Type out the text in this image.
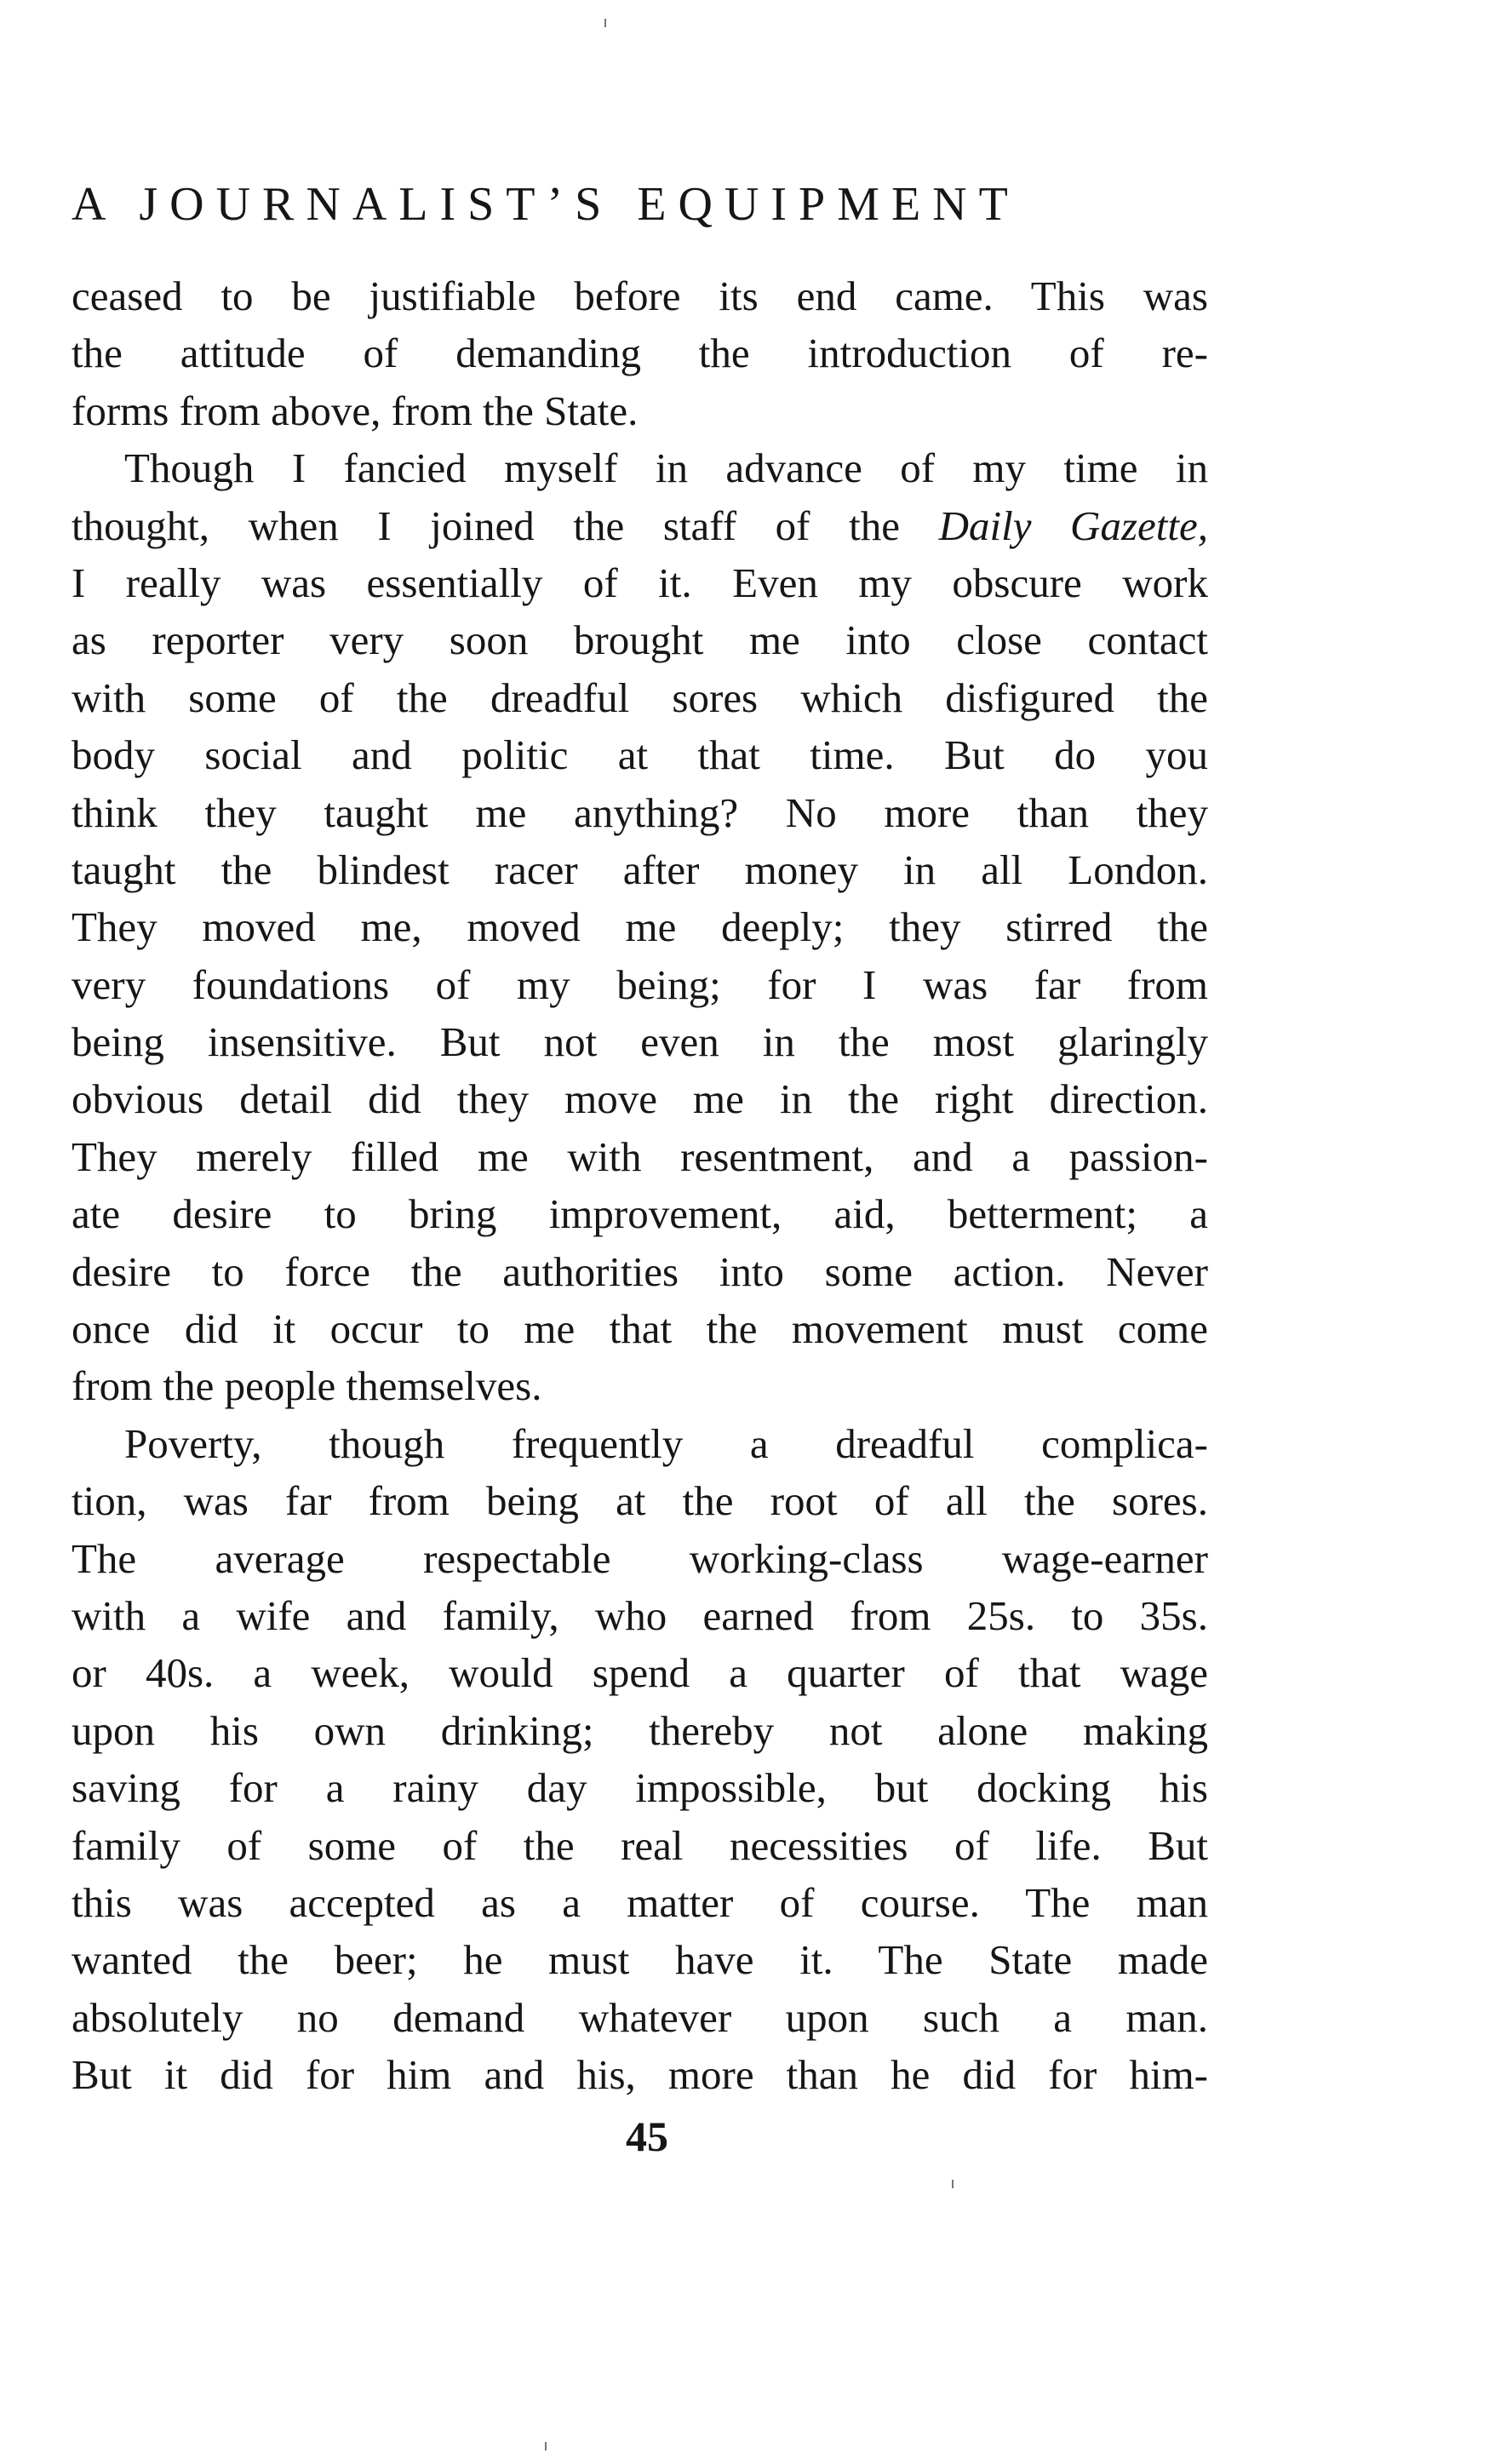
A JOURNALIST’S EQUIPMENT

ceased to be justifiable before its end came. This was
the attitude of demanding the introduction of re-
forms from above, from the State.

Though I fancied myself in advance of my time in
thought, when I joined the staff of the Daily Gazette,
I really was essentially of it. Even my obscure work
as reporter very soon brought me into close contact
with some of the dreadful sores which disfigured the
body social and politic at that time. But do you
think they taught me anything? No more than they
taught the blindest racer after money in all London.
They moved me, moved me deeply; they stirred the
very foundations of my being; for I was far from
being insensitive. But not even in the most glaringly
obvious detail did they move me in the right direction.
They merely filled me with resentment, and a passion-
ate desire to bring improvement, aid, betterment; a
desire to force the authorities into some action. Never
once did it occur to me that the movement must come
from the people themselves.

Poverty, though frequently a dreadful complica-
tion, was far from being at the root of all the sores.
The average respectable working-class wage-earner
with a wife and family, who earned from 25s. to 35s.
or 40s. a week, would spend a quarter of that wage
upon his own drinking; thereby not alone making
saving for a rainy day impossible, but docking his
family of some of the real necessities of life. But
this was accepted as a matter of course. The man
wanted the beer; he must have it. The State made
absolutely no demand whatever upon such a man.
But it did for him and his, more than he did for him-

45
